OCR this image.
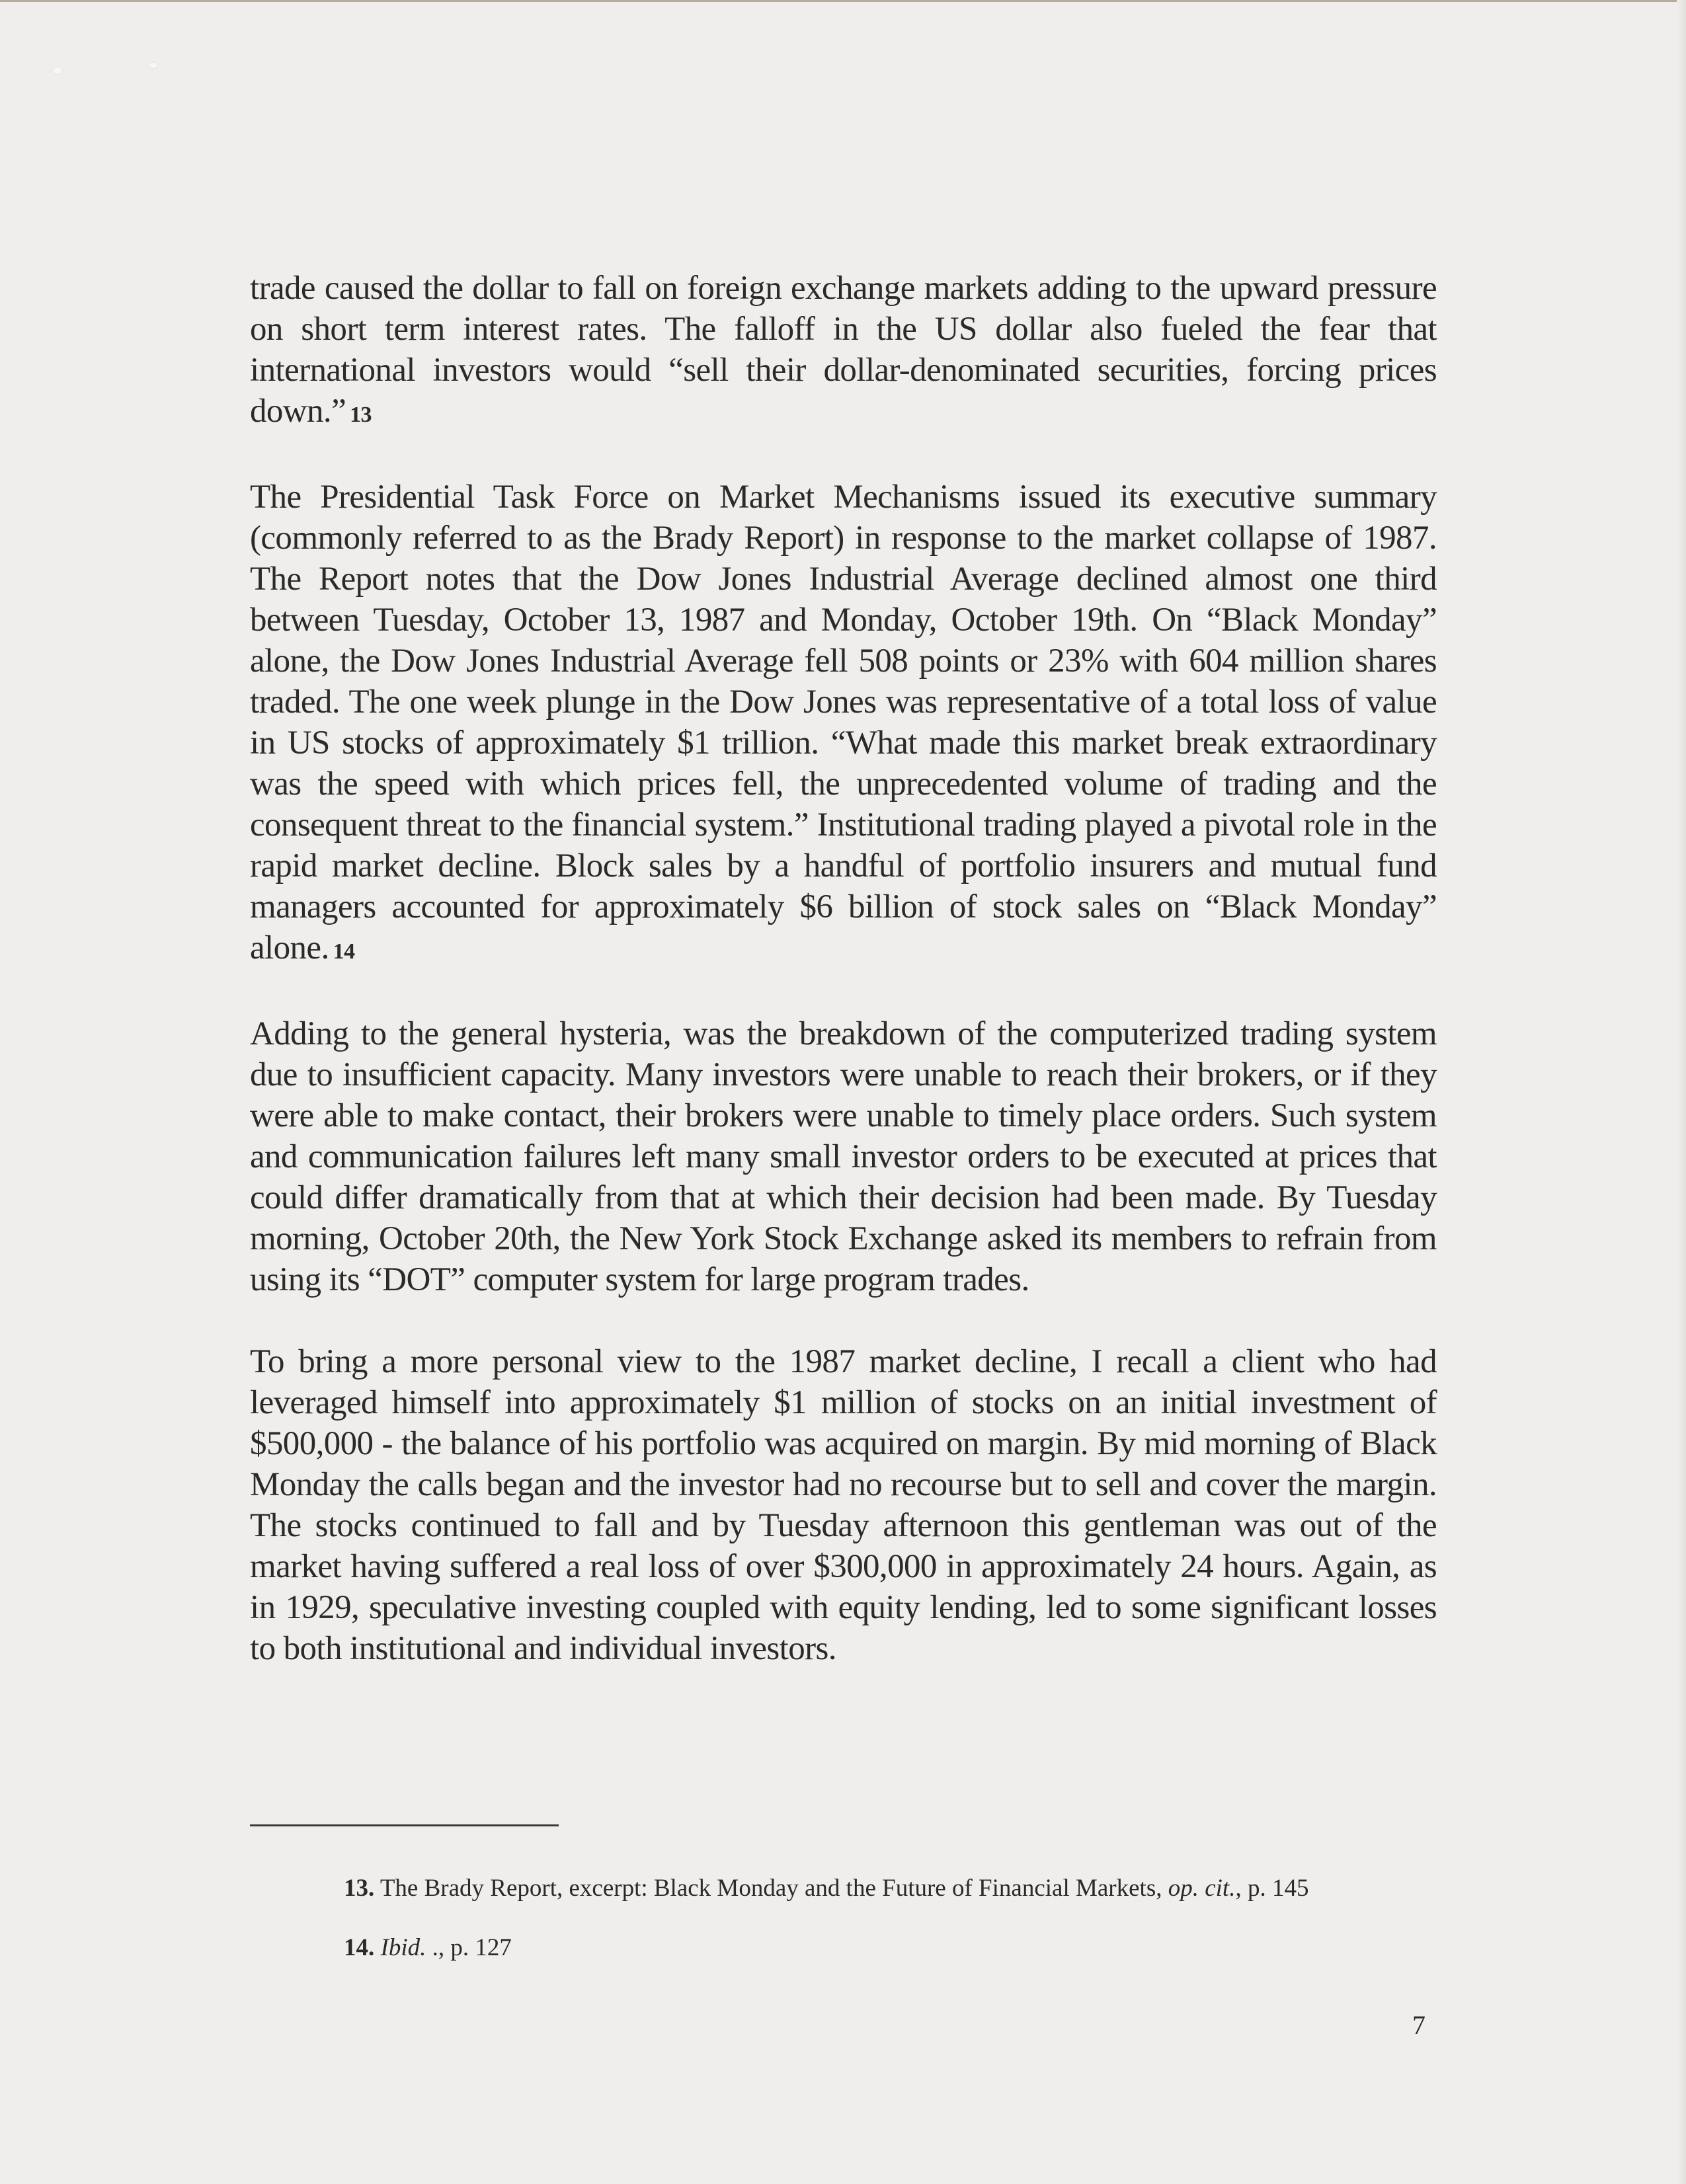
trade caused the dollar to fall on foreign exchange markets adding to the upward pressure on short term interest rates. The falloff in the US dollar also fueled the fear that international investors would “sell their dollar-denominated securities, forcing prices down.” 13

The Presidential Task Force on Market Mechanisms issued its executive summary (commonly referred to as the Brady Report) in response to the market collapse of 1987. The Report notes that the Dow Jones Industrial Average declined almost one third between Tuesday, October 13, 1987 and Monday, October 19th. On “Black Monday” alone, the Dow Jones Industrial Average fell 508 points or 23% with 604 million shares traded. The one week plunge in the Dow Jones was representative of a total loss of value in US stocks of approximately $1 trillion. “What made this market break extraordinary was the speed with which prices fell, the unprecedented volume of trading and the consequent threat to the financial system.” Institutional trading played a pivotal role in the rapid market decline. Block sales by a handful of portfolio insurers and mutual fund managers accounted for approximately $6 billion of stock sales on “Black Monday” alone. 14

Adding to the general hysteria, was the breakdown of the computerized trading system due to insufficient capacity. Many investors were unable to reach their brokers, or if they were able to make contact, their brokers were unable to timely place orders. Such system and communication failures left many small investor orders to be executed at prices that could differ dramatically from that at which their decision had been made. By Tuesday morning, October 20th, the New York Stock Exchange asked its members to refrain from using its “DOT” computer system for large program trades.

To bring a more personal view to the 1987 market decline, I recall a client who had leveraged himself into approximately $1 million of stocks on an initial investment of $500,000 - the balance of his portfolio was acquired on margin. By mid morning of Black Monday the calls began and the investor had no recourse but to sell and cover the margin. The stocks continued to fall and by Tuesday afternoon this gentleman was out of the market having suffered a real loss of over $300,000 in approximately 24 hours. Again, as in 1929, speculative investing coupled with equity lending, led to some significant losses to both institutional and individual investors.

13. The Brady Report, excerpt: Black Monday and the Future of Financial Markets, op. cit., p. 145
14. Ibid. ., p. 127
7
